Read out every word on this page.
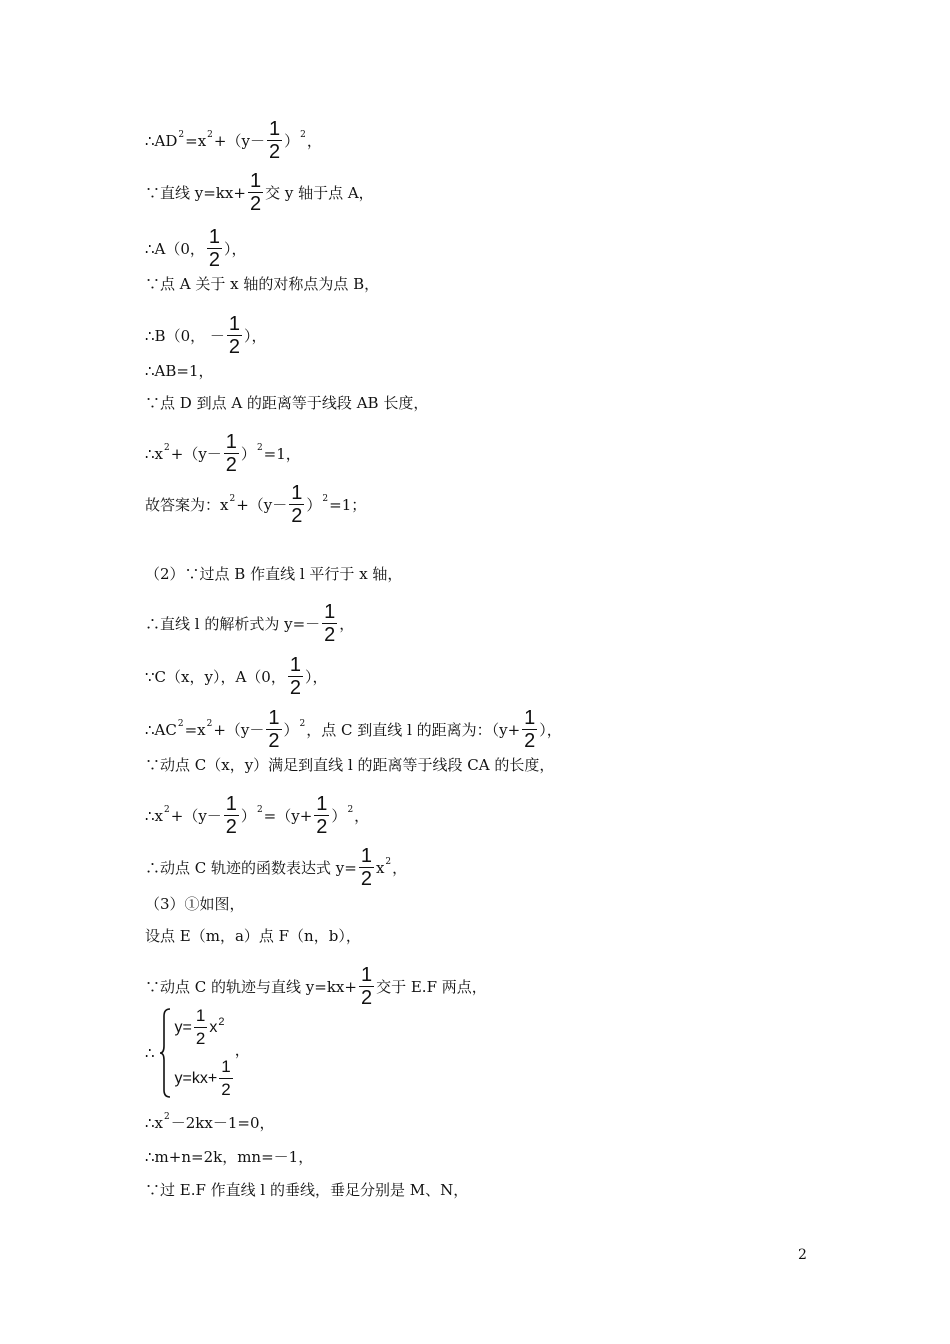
$\therefore AD^2 =x^2 +(y- \frac{1}{2} )^2$ ，
∵直线 $y=kx+ \frac{1}{2}$ 交 y 轴于点 A，
∴A（0， $\frac{1}{2}$ ），
∵点 A 关于 x 轴的对称点为点 B，
∴B（0， － $\frac{1}{2}$ ），
∴AB=1，
∵点 D 到点 A 的距离等于线段 AB 长度，
$\therefore x^2 +(y- \frac{1}{2} )^2 =1$，
故答案为：$x^2 +(y- \frac{1}{2} )^2 =1$；
（2）∵过点 B 作直线 l 平行于 x 轴，
∴直线 l 的解析式为 $y=- \frac{1}{2}$ ，
∵C（x，y），A（0， $\frac{1}{2}$ ），
$\therefore AC^2 =x^2 +(y- \frac{1}{2} )^2$ ，点 C 到直线 l 的距离为：（$y+ \frac{1}{2}$ ），
∵动点 C（x，y）满足到直线 l 的距离等于线段 CA 的长度，
$\therefore x^2 +(y- \frac{1}{2} )^2 =(y+ \frac{1}{2} )^2$ ，
∴动点 C 轨迹的函数表达式 $y= \frac{1}{2} x^2$ ，
（3）①如图，
设点 E（m，a）点 F（n，b），
∵动点 C 的轨迹与直线 $y=kx+ \frac{1}{2}$ 交于 E.F 两点，
∴
$y= \frac{1}{2} x^2$
$y=kx+ \frac{1}{2}$
，
$\therefore x^2 -2kx-1=0$，
∴m+n=2k，mn=－1，
∵过 E.F 作直线 l 的垂线，垂足分别是 M、N，
2
